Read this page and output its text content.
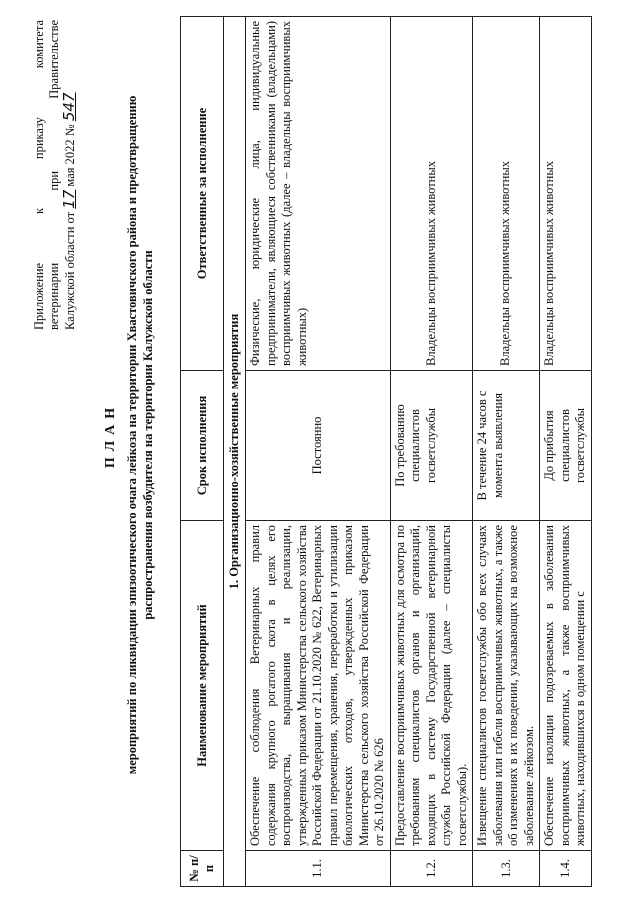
Приложение к приказу комитета ветеринарии при Правительстве Калужской области от 17 мая 2022 № 547
ПЛАН мероприятий по ликвидации эпизоотического очага лейкоза на территории Хвастовичского района и предотвращению распространения возбудителя на территории Калужской области
№ п/п	Наименование мероприятий	Срок исполнения	Ответственные за исполнение
1. Организационно-хозяйственные мероприятия			
1.1.	Обеспечение соблюдения Ветеринарных правил содержания крупного рогатого скота в целях его воспроизводства, выращивания и реализации, утвержденных приказом Министерства сельского хозяйства Российской Федерации от 21.10.2020 № 622, Ветеринарных правил перемещения, хранения, переработки и утилизации биологических отходов, утвержденных приказом Министерства сельского хозяйства Российской Федерации от 26.10.2020 № 626	Постоянно	Физические, юридические лица, индивидуальные предприниматели, являющиеся собственниками (владельцами) восприимчивых животных (далее – владельцы восприимчивых животных)
1.2.	Предоставление восприимчивых животных для осмотра по требованиям специалистов органов и организаций, входящих в систему Государственной ветеринарной службы Российской Федерации (далее – специалисты госветслужбы).	По требованию специалистов госветслужбы	Владельцы восприимчивых животных
1.3.	Извещение специалистов госветслужбы обо всех случаях заболевания или гибели восприимчивых животных, а также об изменениях в их поведении, указывающих на возможное заболевание лейкозом.	В течение 24 часов с момента выявления	Владельцы восприимчивых животных
1.4.	Обеспечение изоляции подозреваемых в заболевании восприимчивых животных, а также восприимчивых животных, находившихся в одном помещении с	До прибытия специалистов госветслужбы	Владельцы восприимчивых животных
